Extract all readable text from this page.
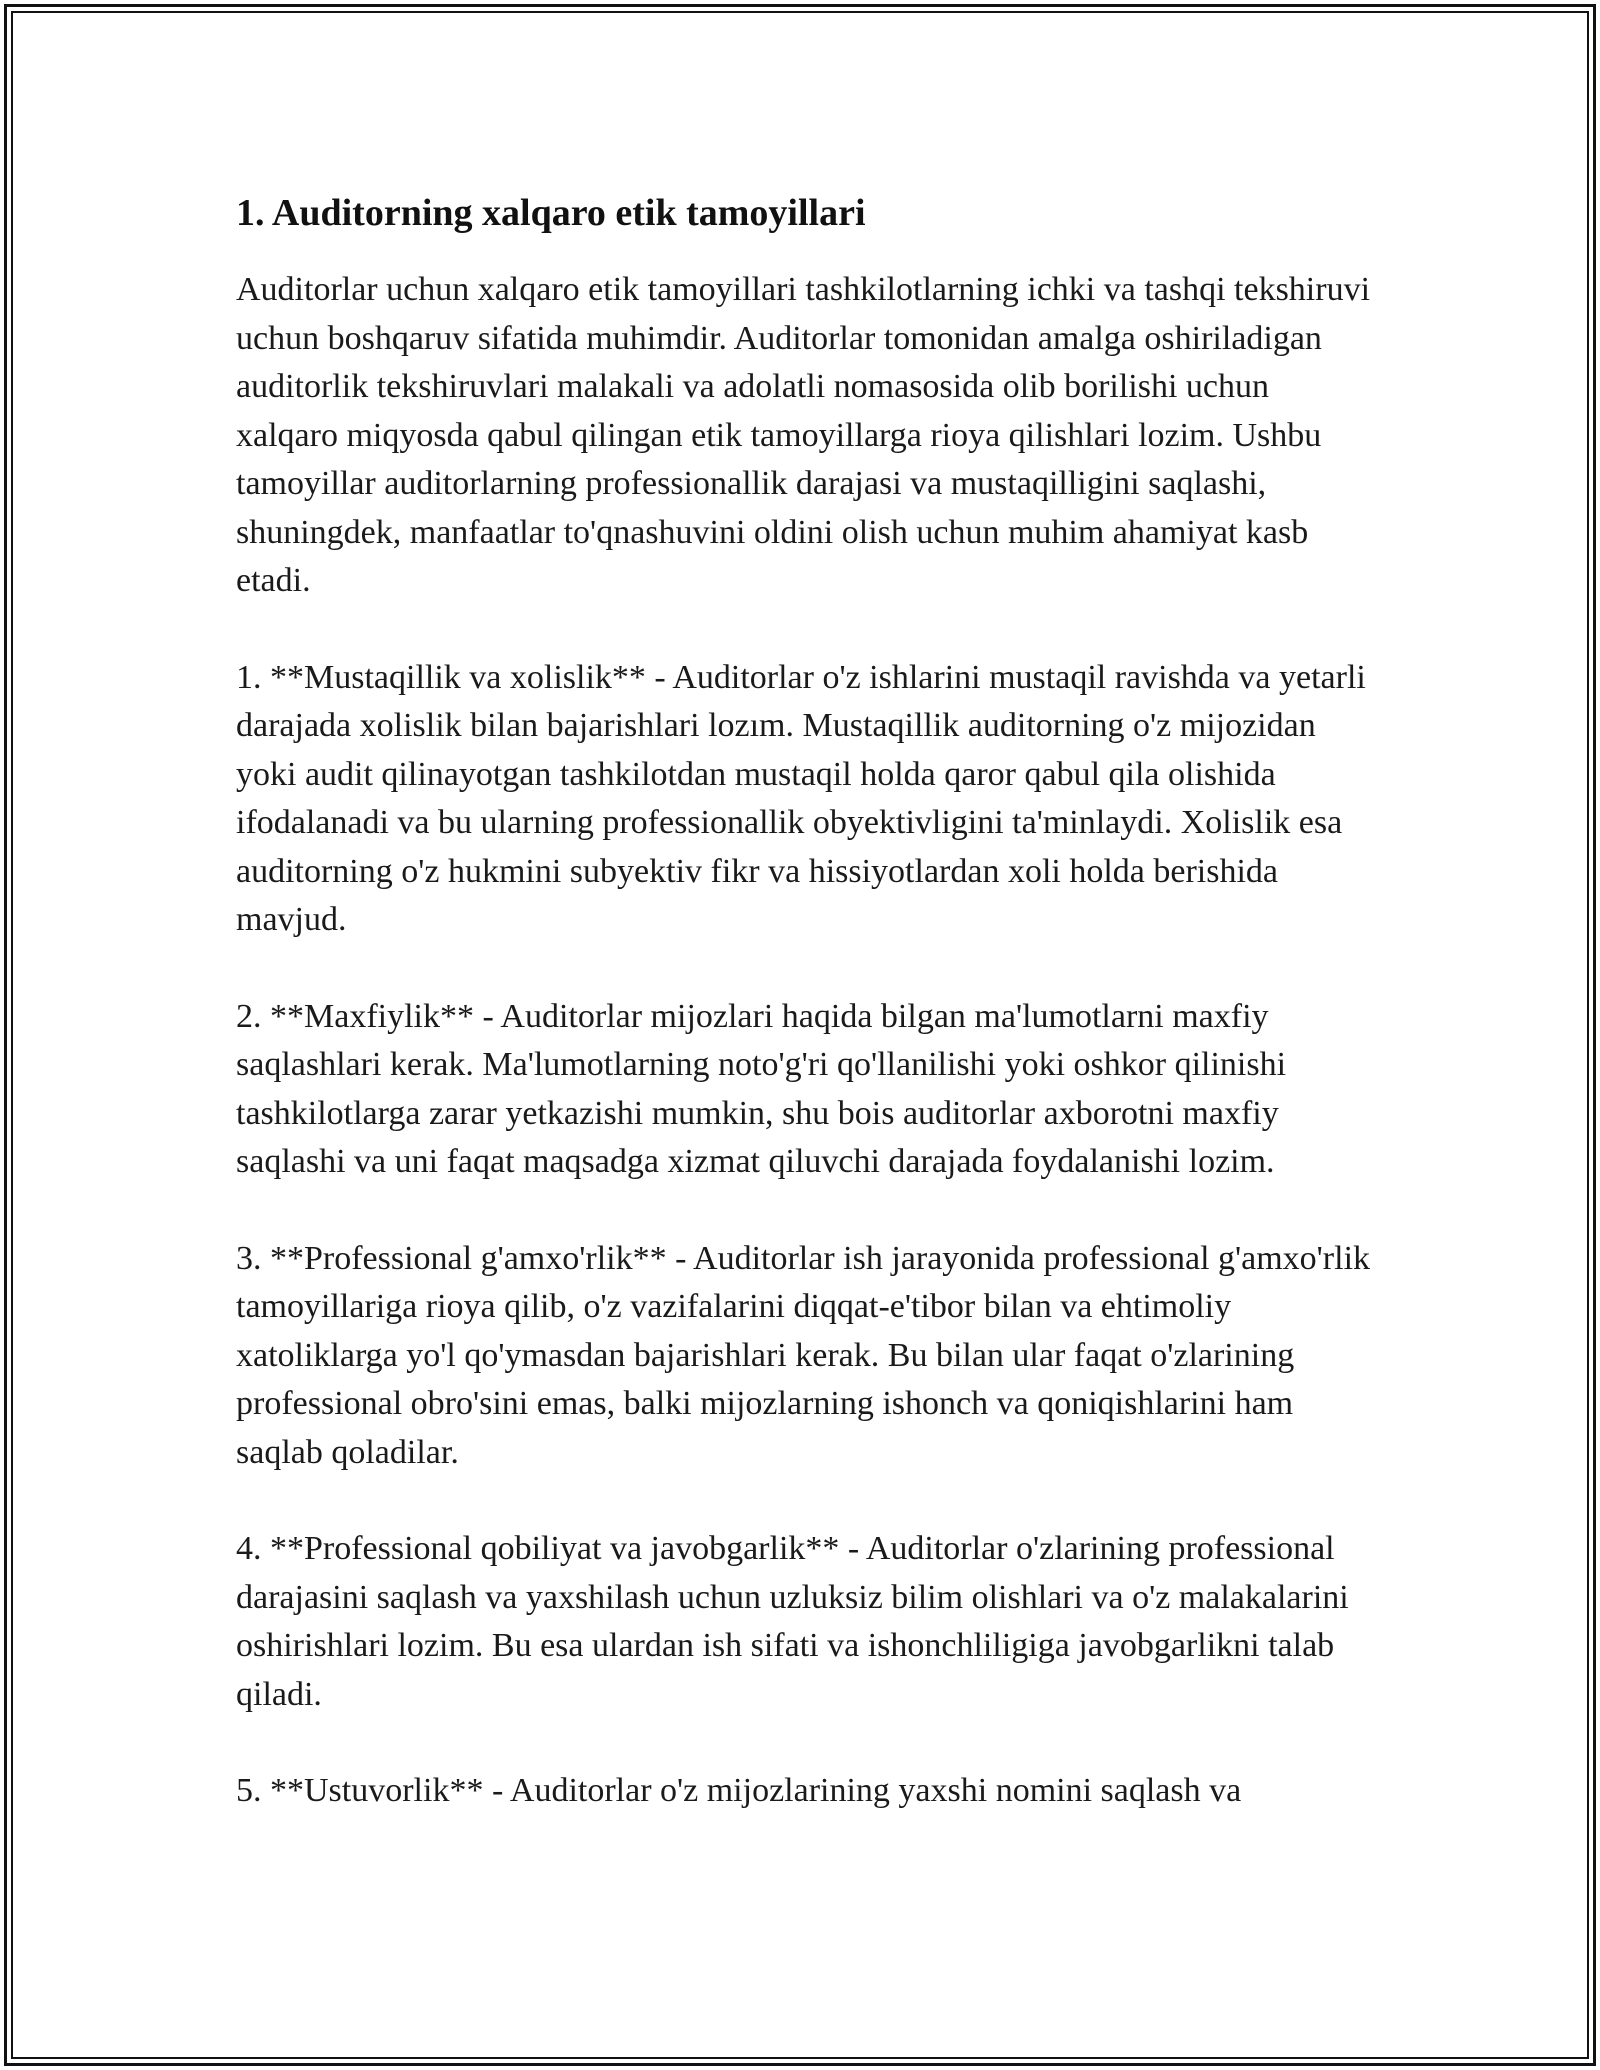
1. Auditorning xalqaro etik tamoyillari

Auditorlar uchun xalqaro etik tamoyillari tashkilotlarning ichki va tashqi tekshiruvi uchun boshqaruv sifatida muhimdir. Auditorlar tomonidan amalga oshiriladigan auditorlik tekshiruvlari malakali va adolatli nomasosida olib borilishi uchun xalqaro miqyosda qabul qilingan etik tamoyillarga rioya qilishlari lozim. Ushbu tamoyillar auditorlarning professionallik darajasi va mustaqilligini saqlashi, shuningdek, manfaatlar to'qnashuvini oldini olish uchun muhim ahamiyat kasb etadi.

1. **Mustaqillik va xolislik** - Auditorlar o'z ishlarini mustaqil ravishda va yetarli darajada xolislik bilan bajarishlari lozım. Mustaqillik auditorning o'z mijozidan yoki audit qilinayotgan tashkilotdan mustaqil holda qaror qabul qila olishida ifodalanadi va bu ularning professionallik obyektivligini ta'minlaydi. Xolislik esa auditorning o'z hukmini subyektiv fikr va hissiyotlardan xoli holda berishida mavjud.

2. **Maxfiylik** - Auditorlar mijozlari haqida bilgan ma'lumotlarni maxfiy saqlashlari kerak. Ma'lumotlarning noto'g'ri qo'llanilishi yoki oshkor qilinishi tashkilotlarga zarar yetkazishi mumkin, shu bois auditorlar axborotni maxfiy saqlashi va uni faqat maqsadga xizmat qiluvchi darajada foydalanishi lozim.

3. **Professional g'amxo'rlik** - Auditorlar ish jarayonida professional g'amxo'rlik tamoyillariga rioya qilib, o'z vazifalarini diqqat-e'tibor bilan va ehtimoliy xatoliklarga yo'l qo'ymasdan bajarishlari kerak. Bu bilan ular faqat o'zlarining professional obro'sini emas, balki mijozlarning ishonch va qoniqishlarini ham saqlab qoladilar.

4. **Professional qobiliyat va javobgarlik** - Auditorlar o'zlarining professional darajasini saqlash va yaxshilash uchun uzluksiz bilim olishlari va o'z malakalarini oshirishlari lozim. Bu esa ulardan ish sifati va ishonchliligiga javobgarlikni talab qiladi.

5. **Ustuvorlik** - Auditorlar o'z mijozlarining yaxshi nomini saqlash va
